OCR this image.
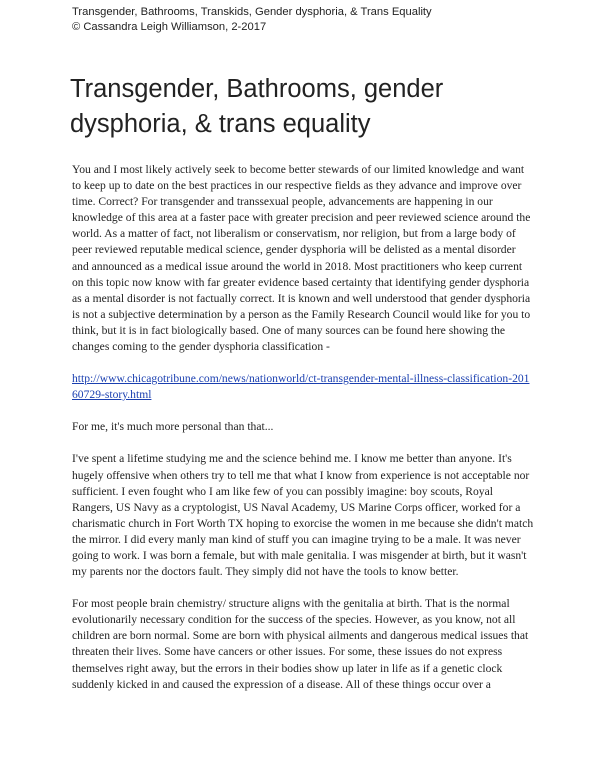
Transgender, Bathrooms, Transkids, Gender dysphoria, & Trans Equality
© Cassandra Leigh Williamson, 2-2017
Transgender, Bathrooms, gender dysphoria, & trans equality

You and I most likely actively seek to become better stewards of our limited knowledge and want to keep up to date on the best practices in our respective fields as they advance and improve over time. Correct? For transgender and transsexual people, advancements are happening in our knowledge of this area at a faster pace with greater precision and peer reviewed science around the world. As a matter of fact, not liberalism or conservatism, nor religion, but from a large body of peer reviewed reputable medical science, gender dysphoria will be delisted as a mental disorder and announced as a medical issue around the world in 2018. Most practitioners who keep current on this topic now know with far greater evidence based certainty that identifying gender dysphoria as a mental disorder is not factually correct. It is known and well understood that gender dysphoria is not a subjective determination by a person as the Family Research Council would like for you to think, but it is in fact biologically based. One of many sources can be found here showing the changes coming to the gender dysphoria classification -

http://www.chicagotribune.com/news/nationworld/ct-transgender-mental-illness-classification-20160729-story.html

For me, it's much more personal than that...

I've spent a lifetime studying me and the science behind me. I know me better than anyone. It's hugely offensive when others try to tell me that what I know from experience is not acceptable nor sufficient. I even fought who I am like few of you can possibly imagine: boy scouts, Royal Rangers, US Navy as a cryptologist, US Naval Academy, US Marine Corps officer, worked for a charismatic church in Fort Worth TX hoping to exorcise the women in me because she didn't match the mirror. I did every manly man kind of stuff you can imagine trying to be a male. It was never going to work. I was born a female, but with male genitalia. I was misgender at birth, but it wasn't my parents nor the doctors fault. They simply did not have the tools to know better.

For most people brain chemistry/ structure aligns with the genitalia at birth. That is the normal evolutionarily necessary condition for the success of the species. However, as you know, not all children are born normal. Some are born with physical ailments and dangerous medical issues that threaten their lives. Some have cancers or other issues. For some, these issues do not express themselves right away, but the errors in their bodies show up later in life as if a genetic clock suddenly kicked in and caused the expression of a disease. All of these things occur over a
